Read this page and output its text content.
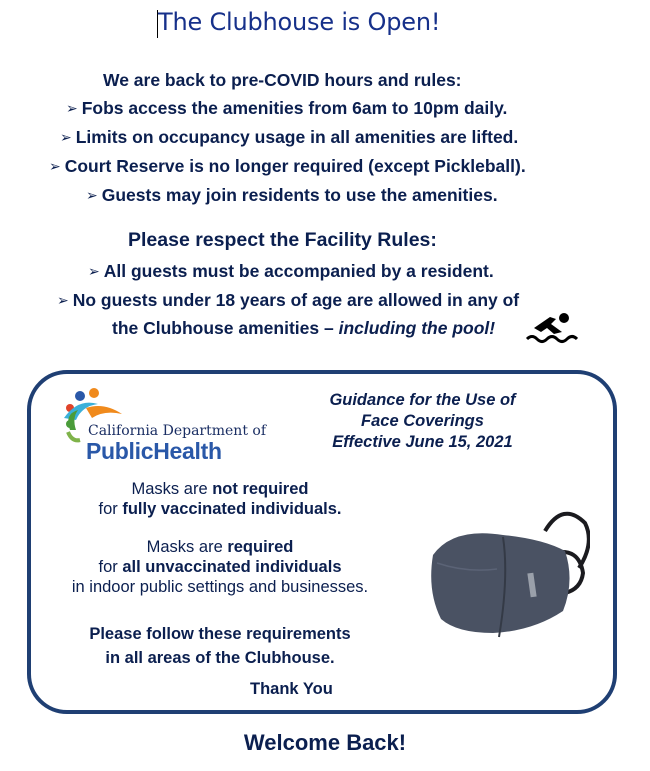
The Clubhouse is Open!
We are back to pre-COVID hours and rules:
➢ Fobs access the amenities from 6am to 10pm daily.
➢ Limits on occupancy usage in all amenities are lifted.
➢ Court Reserve is no longer required (except Pickleball).
➢ Guests may join residents to use the amenities.
Please respect the Facility Rules:
➢ All guests must be accompanied by a resident.
➢ No guests under 18 years of age are allowed in any of
the Clubhouse amenities – including the pool!
California Department of
PublicHealth
Guidance for the Use of
Face Coverings
Effective June 15, 2021
Masks are not required
for fully vaccinated individuals.
Masks are required
for all unvaccinated individuals
in indoor public settings and businesses.
Please follow these requirements
in all areas of the Clubhouse.
Thank You
Welcome Back!
